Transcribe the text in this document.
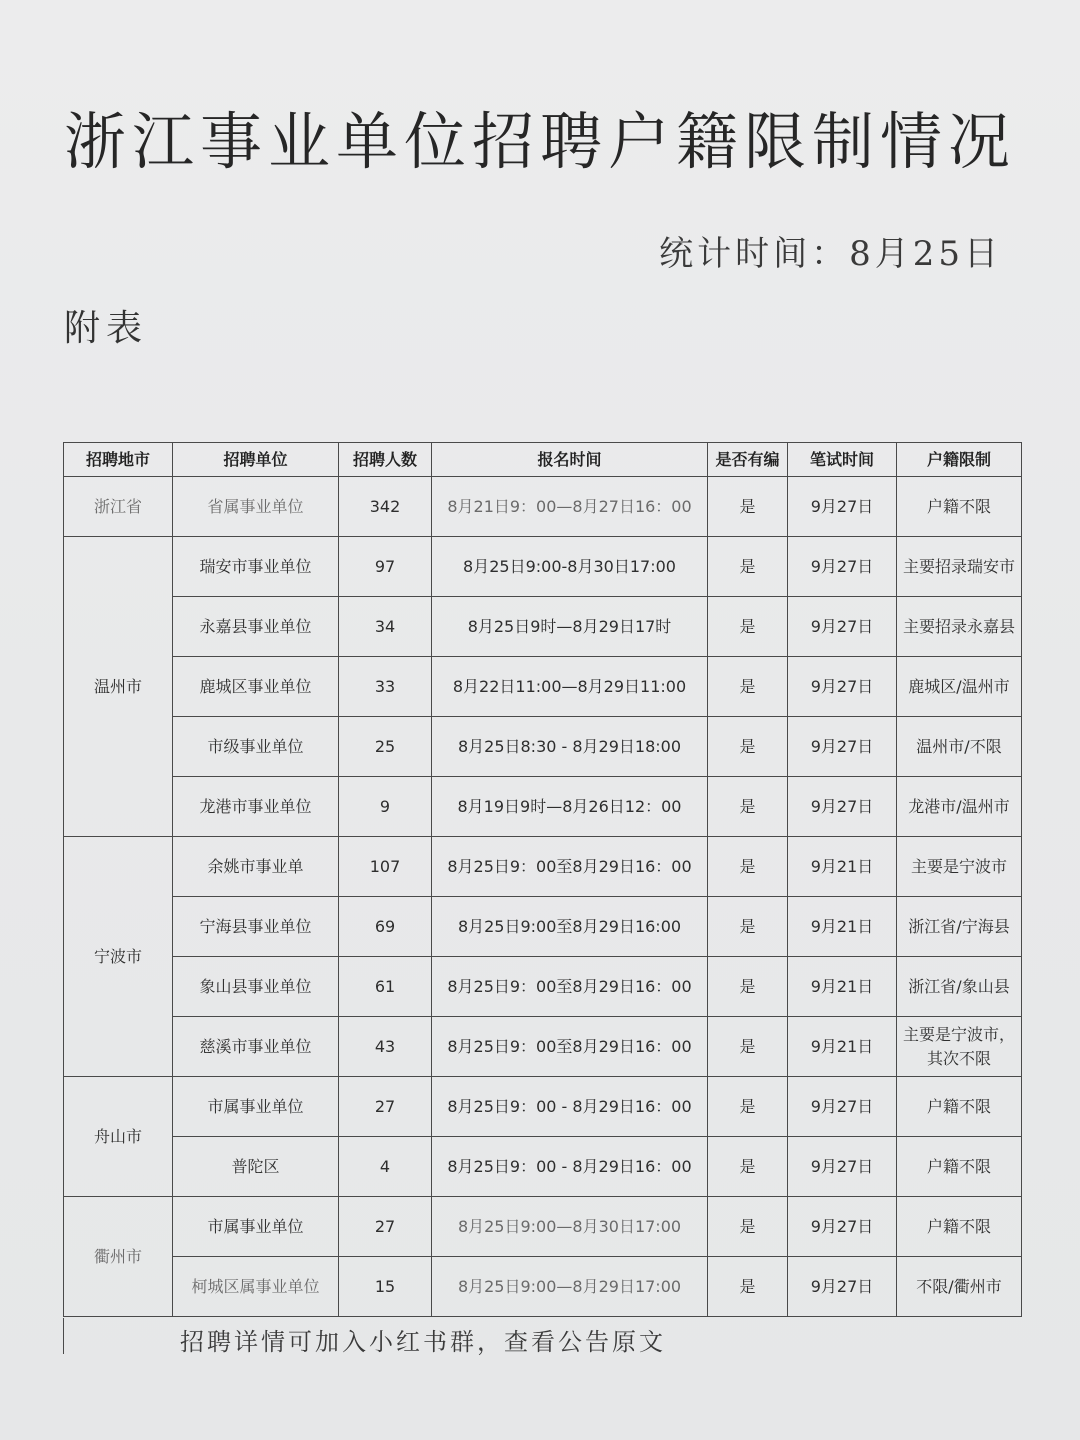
浙江事业单位招聘户籍限制情况
统计时间：8月25日
附表
招聘地市	招聘单位	招聘人数	报名时间	是否有编	笔试时间	户籍限制
浙江省	省属事业单位	342	8月21日9：00—8月27日16：00	是	9月27日	户籍不限
温州市	瑞安市事业单位	97	8月25日9:00-8月30日17:00	是	9月27日	主要招录瑞安市
	永嘉县事业单位	34	8月25日9时—8月29日17时	是	9月27日	主要招录永嘉县
	鹿城区事业单位	33	8月22日11:00—8月29日11:00	是	9月27日	鹿城区/温州市
	市级事业单位	25	8月25日8:30 - 8月29日18:00	是	9月27日	温州市/不限
	龙港市事业单位	9	8月19日9时—8月26日12：00	是	9月27日	龙港市/温州市
宁波市	余姚市事业单	107	8月25日9：00至8月29日16：00	是	9月21日	主要是宁波市
	宁海县事业单位	69	8月25日9:00至8月29日16:00	是	9月21日	浙江省/宁海县
	象山县事业单位	61	8月25日9：00至8月29日16：00	是	9月21日	浙江省/象山县
	慈溪市事业单位	43	8月25日9：00至8月29日16：00	是	9月21日	主要是宁波市，
其次不限
舟山市	市属事业单位	27	8月25日9：00 - 8月29日16：00	是	9月27日	户籍不限
	普陀区	4	8月25日9：00 - 8月29日16：00	是	9月27日	户籍不限
衢州市	市属事业单位	27	8月25日9:00—8月30日17:00	是	9月27日	户籍不限
	柯城区属事业单位	15	8月25日9:00—8月29日17:00	是	9月27日	不限/衢州市
招聘详情可加入小红书群，查看公告原文
